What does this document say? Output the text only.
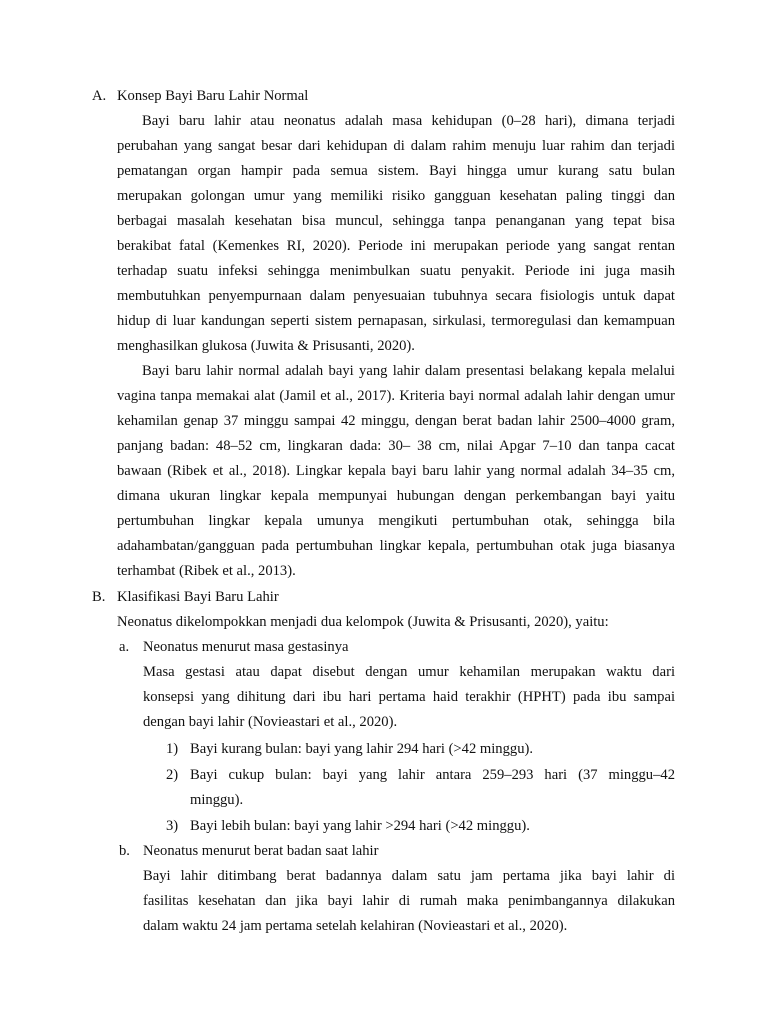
A. Konsep Bayi Baru Lahir Normal
Bayi baru lahir atau neonatus adalah masa kehidupan (0–28 hari), dimana terjadi
perubahan yang sangat besar dari kehidupan di dalam rahim menuju luar rahim dan terjadi
pematangan organ hampir pada semua sistem. Bayi hingga umur kurang satu bulan
merupakan golongan umur yang memiliki risiko gangguan kesehatan paling tinggi dan
berbagai masalah kesehatan bisa muncul, sehingga tanpa penanganan yang tepat bisa
berakibat fatal (Kemenkes RI, 2020). Periode ini merupakan periode yang sangat rentan
terhadap suatu infeksi sehingga menimbulkan suatu penyakit. Periode ini juga masih
membutuhkan penyempurnaan dalam penyesuaian tubuhnya secara fisiologis untuk dapat
hidup di luar kandungan seperti sistem pernapasan, sirkulasi, termoregulasi dan kemampuan
menghasilkan glukosa (Juwita & Prisusanti, 2020).
Bayi baru lahir normal adalah bayi yang lahir dalam presentasi belakang kepala melalui
vagina tanpa memakai alat (Jamil et al., 2017). Kriteria bayi normal adalah lahir dengan umur
kehamilan genap 37 minggu sampai 42 minggu, dengan berat badan lahir 2500–4000 gram,
panjang badan: 48–52 cm, lingkaran dada: 30– 38 cm, nilai Apgar 7–10 dan tanpa cacat
bawaan (Ribek et al., 2018). Lingkar kepala bayi baru lahir yang normal adalah 34–35 cm,
dimana ukuran lingkar kepala mempunyai hubungan dengan perkembangan bayi yaitu
pertumbuhan lingkar kepala umunya mengikuti pertumbuhan otak, sehingga bila
adahambatan/gangguan pada pertumbuhan lingkar kepala, pertumbuhan otak juga biasanya
terhambat (Ribek et al., 2013).
B. Klasifikasi Bayi Baru Lahir
Neonatus dikelompokkan menjadi dua kelompok (Juwita & Prisusanti, 2020), yaitu:
a. Neonatus menurut masa gestasinya
Masa gestasi atau dapat disebut dengan umur kehamilan merupakan waktu dari
konsepsi yang dihitung dari ibu hari pertama haid terakhir (HPHT) pada ibu sampai
dengan bayi lahir (Novieastari et al., 2020).
1) Bayi kurang bulan: bayi yang lahir 294 hari (>42 minggu).
2) Bayi cukup bulan: bayi yang lahir antara 259–293 hari (37 minggu–42
minggu).
3) Bayi lebih bulan: bayi yang lahir >294 hari (>42 minggu).
b. Neonatus menurut berat badan saat lahir
Bayi lahir ditimbang berat badannya dalam satu jam pertama jika bayi lahir di
fasilitas kesehatan dan jika bayi lahir di rumah maka penimbangannya dilakukan
dalam waktu 24 jam pertama setelah kelahiran (Novieastari et al., 2020).
